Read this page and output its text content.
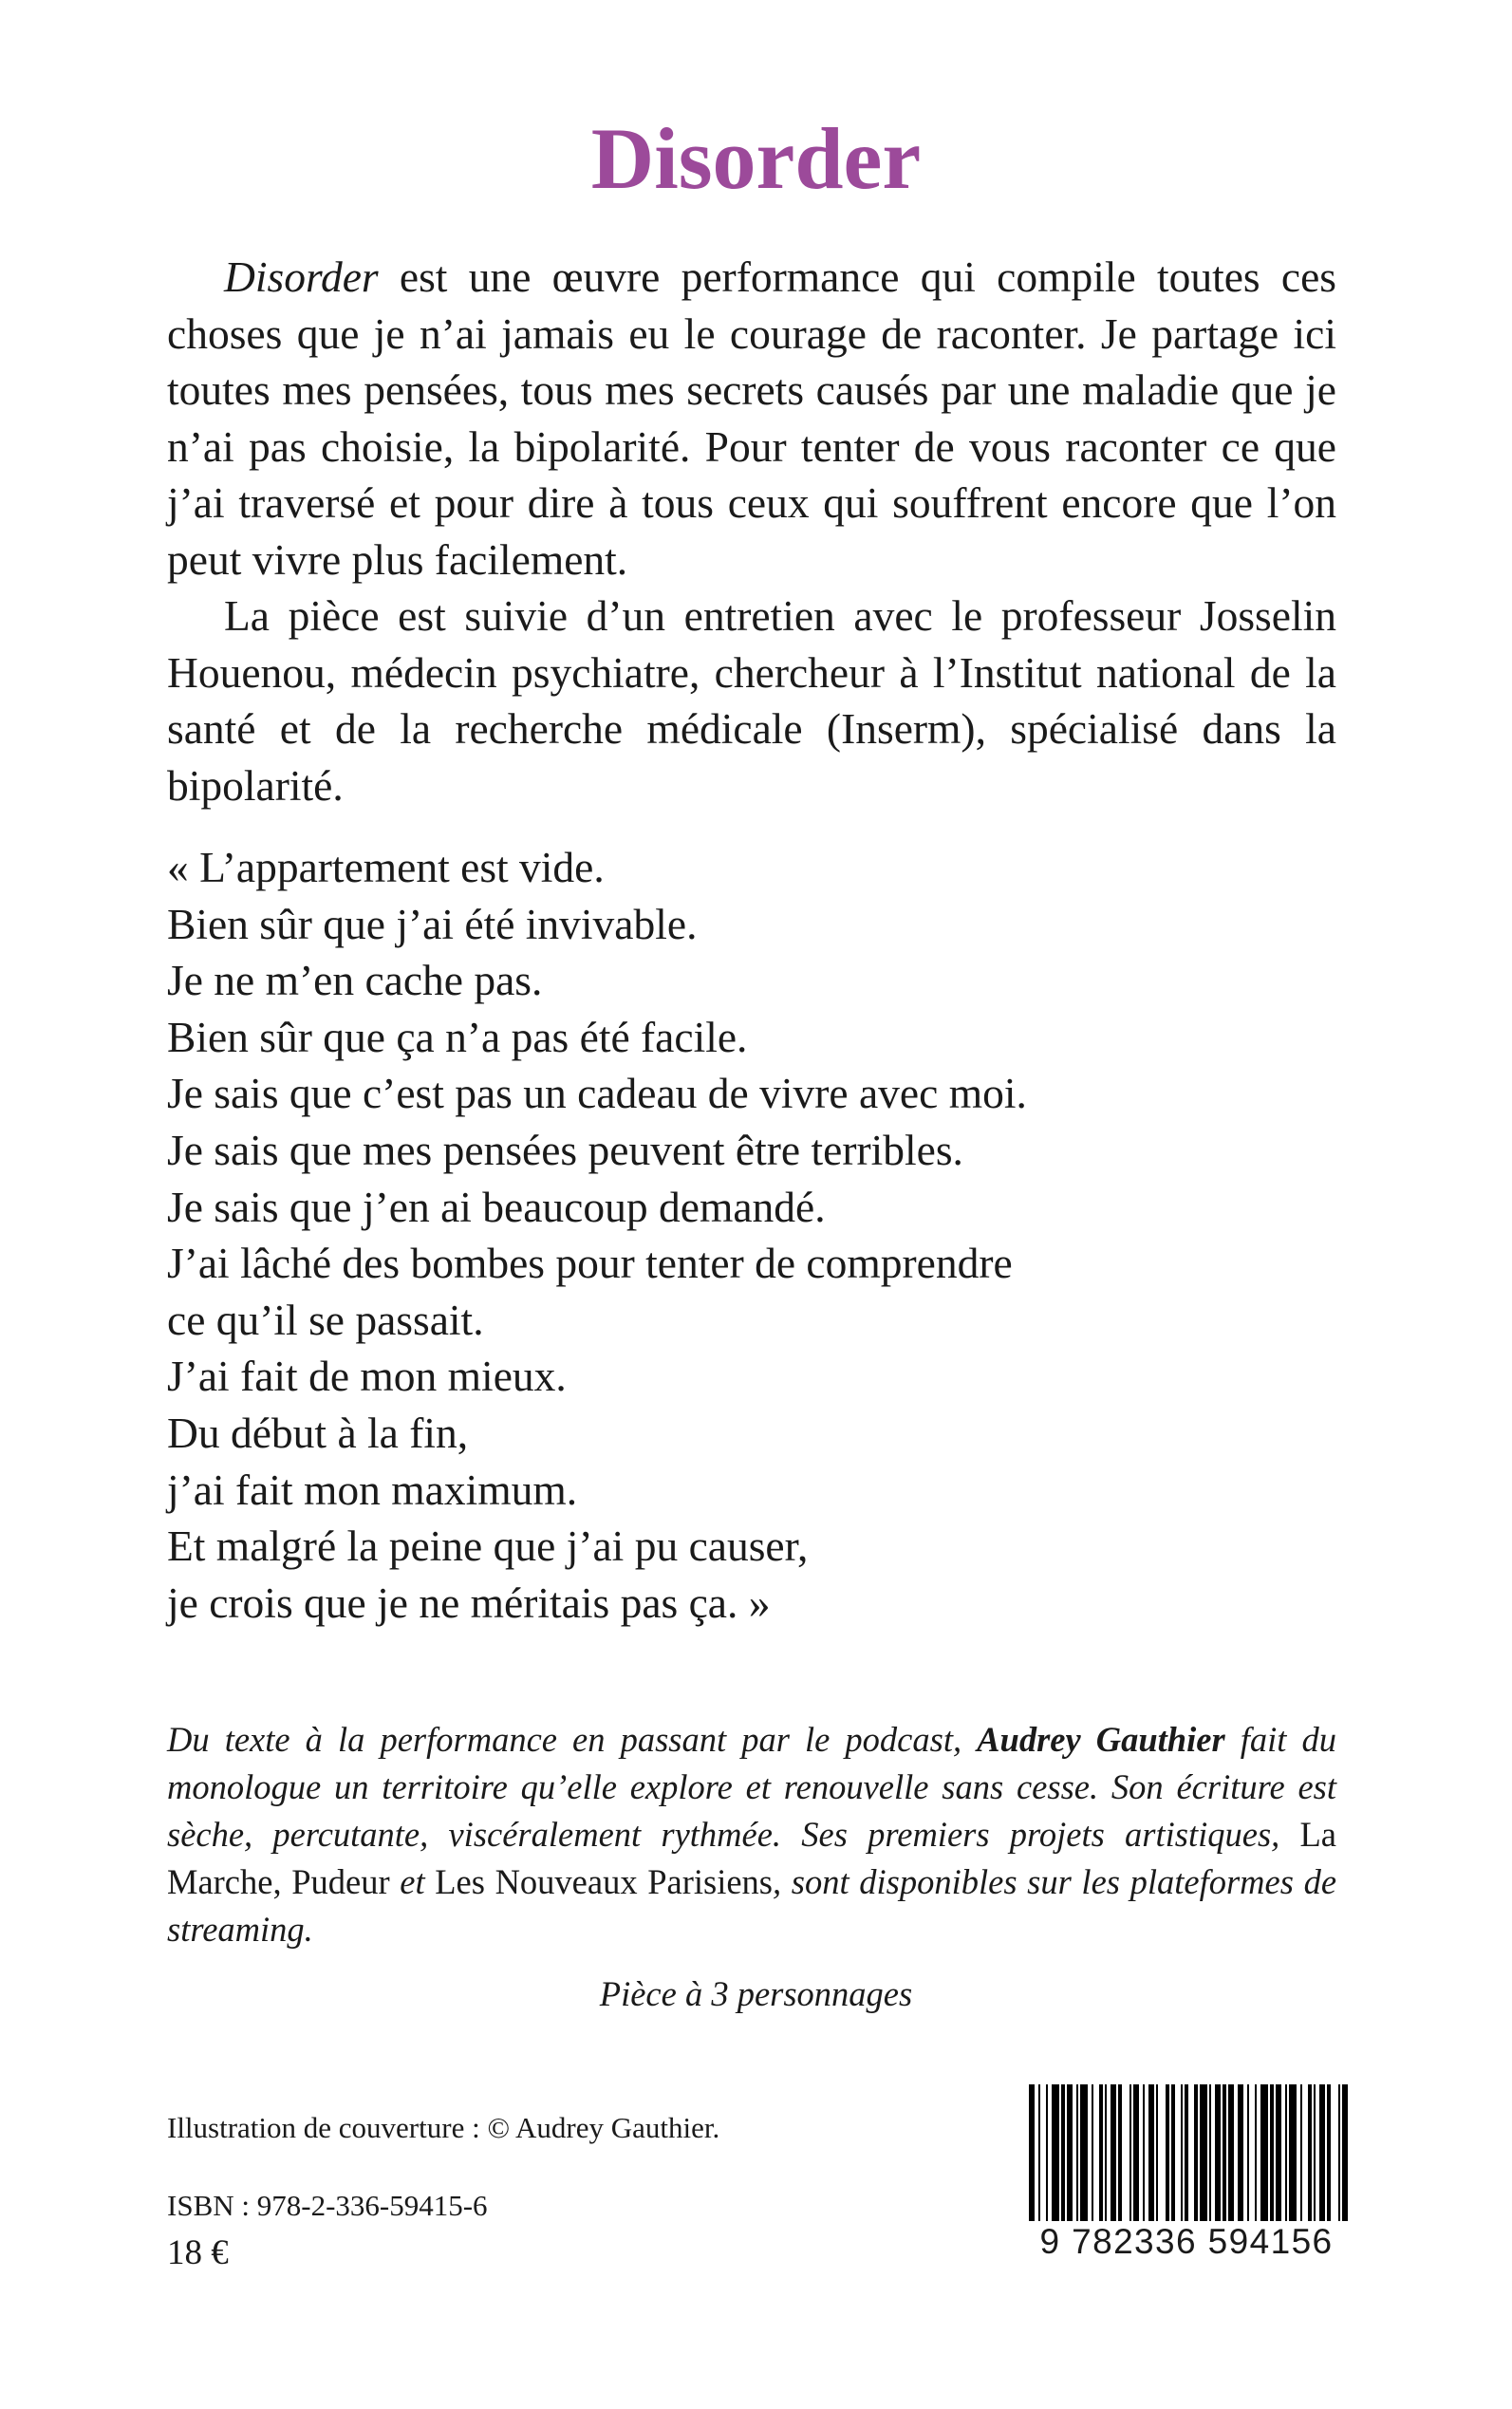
Disorder

Disorder est une œuvre performance qui compile toutes ces choses que je n’ai jamais eu le courage de raconter. Je partage ici toutes mes pensées, tous mes secrets causés par une maladie que je n’ai pas choisie, la bipolarité. Pour tenter de vous raconter ce que j’ai traversé et pour dire à tous ceux qui souffrent encore que l’on peut vivre plus facilement.

La pièce est suivie d’un entretien avec le professeur Josselin Houenou, médecin psychiatre, chercheur à l’Institut national de la santé et de la recherche médicale (Inserm), spécialisé dans la bipolarité.

« L’appartement est vide.
Bien sûr que j’ai été invivable.
Je ne m’en cache pas.
Bien sûr que ça n’a pas été facile.
Je sais que c’est pas un cadeau de vivre avec moi.
Je sais que mes pensées peuvent être terribles.
Je sais que j’en ai beaucoup demandé.
J’ai lâché des bombes pour tenter de comprendre
ce qu’il se passait.
J’ai fait de mon mieux.
Du début à la fin,
j’ai fait mon maximum.
Et malgré la peine que j’ai pu causer,
je crois que je ne méritais pas ça. »

Du texte à la performance en passant par le podcast, Audrey Gauthier fait du monologue un territoire qu’elle explore et renouvelle sans cesse. Son écriture est sèche, percutante, viscéralement rythmée. Ses premiers projets artistiques, La Marche, Pudeur et Les Nouveaux Parisiens, sont disponibles sur les plateformes de streaming.

Pièce à 3 personnages
Illustration de couverture : © Audrey Gauthier.
ISBN : 978-2-336-59415-6
18 €	9 782336 594156
